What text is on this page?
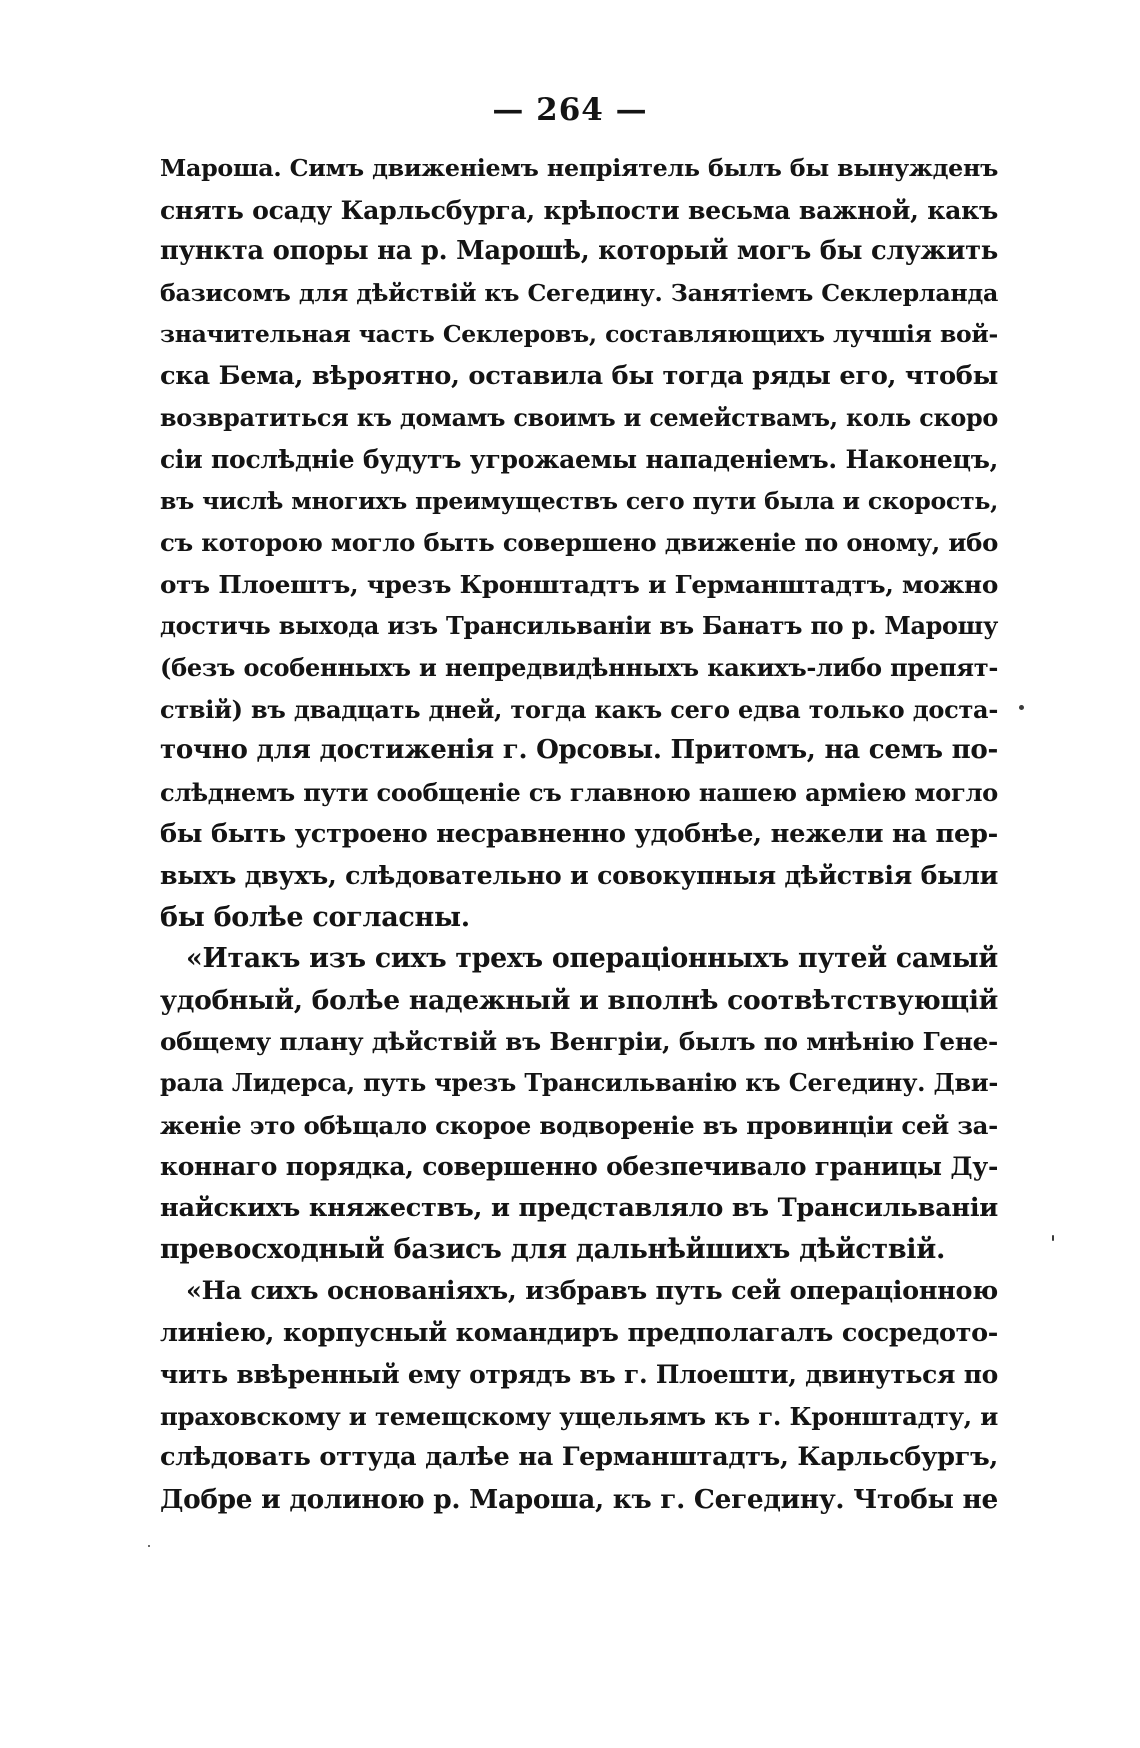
— 264 —
Мароша. Симъ движеніемъ непріятель былъ бы вынужденъ
снять осаду Карльсбурга, крѣпости весьма важной, какъ
пункта опоры на р. Марошѣ, который могъ бы служить
базисомъ для дѣйствій къ Сегедину. Занятіемъ Секлерланда
значительная часть Секлеровъ, составляющихъ лучшія вой-
ска Бема, вѣроятно, оставила бы тогда ряды его, чтобы
возвратиться къ домамъ своимъ и семействамъ, коль скоро
сіи послѣдніе будутъ угрожаемы нападеніемъ. Наконецъ,
въ числѣ многихъ преимуществъ сего пути была и скорость,
съ которою могло быть совершено движеніе по оному, ибо
отъ Плоештъ, чрезъ Кронштадтъ и Германштадтъ, можно
достичь выхода изъ Трансильваніи въ Банатъ по р. Марошу
(безъ особенныхъ и непредвидѣнныхъ какихъ-либо препят-
ствій) въ двадцать дней, тогда какъ сего едва только доста-
точно для достиженія г. Орсовы. Притомъ, на семъ по-
слѣднемъ пути сообщеніе съ главною нашею арміею могло
бы быть устроено несравненно удобнѣе, нежели на пер-
выхъ двухъ, слѣдовательно и совокупныя дѣйствія были
бы болѣе согласны.
«Итакъ изъ сихъ трехъ операціонныхъ путей самый
удобный, болѣе надежный и вполнѣ соотвѣтствующій
общему плану дѣйствій въ Венгріи, былъ по мнѣнію Гене-
рала Лидерса, путь чрезъ Трансильванію къ Сегедину. Дви-
женіе это обѣщало скорое водвореніе въ провинціи сей за-
коннаго порядка, совершенно обезпечивало границы Ду-
найскихъ княжествъ, и представляло въ Трансильваніи
превосходный базисъ для дальнѣйшихъ дѣйствій.
«На сихъ основаніяхъ, избравъ путь сей операціонною
линіею, корпусный командиръ предполагалъ сосредото-
чить ввѣренный ему отрядъ въ г. Плоешти, двинуться по
праховскому и темещскому ущельямъ къ г. Кронштадту, и
слѣдовать оттуда далѣе на Германштадтъ, Карльсбургъ,
Добре и долиною р. Мароша, къ г. Сегедину. Чтобы не
